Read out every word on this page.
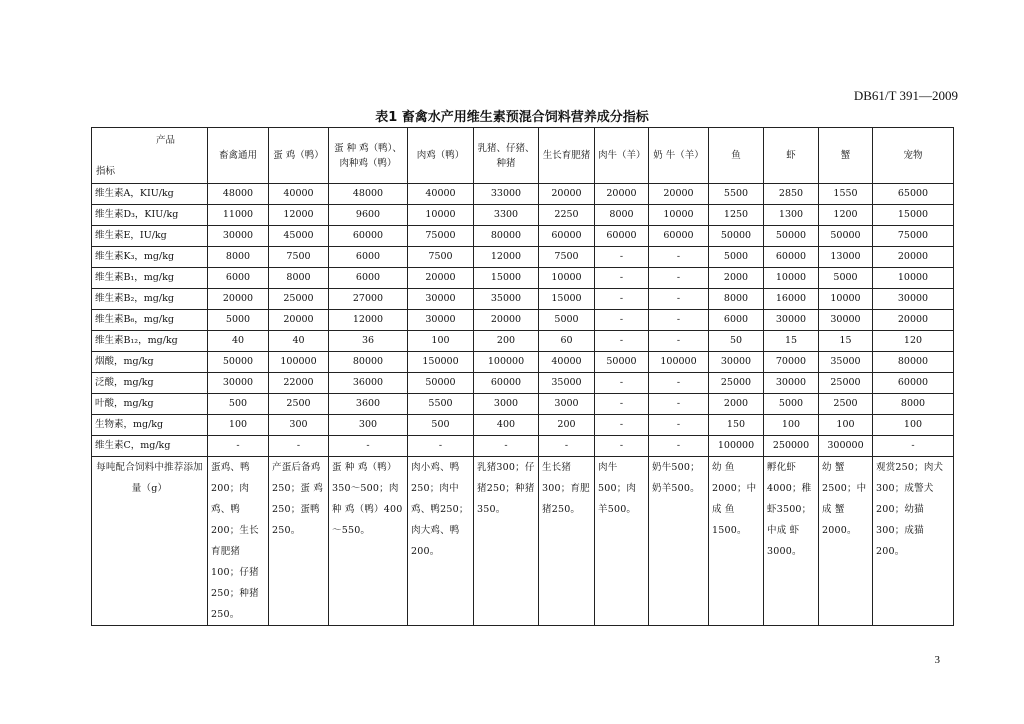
DB61/T 391—2009
表1 畜禽水产用维生素预混合饲料营养成分指标
产品
指标	畜禽通用	蛋 鸡（鸭）	蛋 种 鸡（鸭）、肉种鸡（鸭）	肉鸡（鸭）	乳猪、仔猪、种猪	生长育肥猪	肉牛（羊）	奶 牛（羊）	鱼	虾	蟹	宠物
维生素A，KIU/kg	48000	40000	48000	40000	33000	20000	20000	20000	5500	2850	1550	65000
维生素D₃，KIU/kg	11000	12000	9600	10000	3300	2250	8000	10000	1250	1300	1200	15000
维生素E，IU/kg	30000	45000	60000	75000	80000	60000	60000	60000	50000	50000	50000	75000
维生素K₃，mg/kg	8000	7500	6000	7500	12000	7500	-	-	5000	60000	13000	20000
维生素B₁，mg/kg	6000	8000	6000	20000	15000	10000	-	-	2000	10000	5000	10000
维生素B₂，mg/kg	20000	25000	27000	30000	35000	15000	-	-	8000	16000	10000	30000
维生素B₆，mg/kg	5000	20000	12000	30000	20000	5000	-	-	6000	30000	30000	20000
维生素B₁₂，mg/kg	40	40	36	100	200	60	-	-	50	15	15	120
烟酸，mg/kg	50000	100000	80000	150000	100000	40000	50000	100000	30000	70000	35000	80000
泛酸，mg/kg	30000	22000	36000	50000	60000	35000	-	-	25000	30000	25000	60000
叶酸，mg/kg	500	2500	3600	5500	3000	3000	-	-	2000	5000	2500	8000
生物素，mg/kg	100	300	300	500	400	200	-	-	150	100	100	100
维生素C，mg/kg	-	-	-	-	-	-	-	-	100000	250000	300000	-
每吨配合饲料中推荐添加量（g）	蛋鸡、鸭200；肉鸡、鸭200；生长育肥猪100；仔猪250；种猪250。	产蛋后备鸡250；蛋 鸡250；蛋鸭250。	蛋 种 鸡（鸭）350～500；肉 种 鸡（鸭）400～550。	肉小鸡、鸭250；肉中鸡、鸭250；肉大鸡、鸭200。	乳猪300；仔猪250；种猪350。	生长猪300；育肥 猪250。	肉牛500；肉羊500。	奶牛500；奶羊500。	幼 鱼2000；中成 鱼1500。	孵化虾4000；稚虾3500；中成 虾3000。	幼 蟹2500；中成 蟹2000。	观赏250；肉犬300；成警犬200；幼猫300；成猫200。
3
